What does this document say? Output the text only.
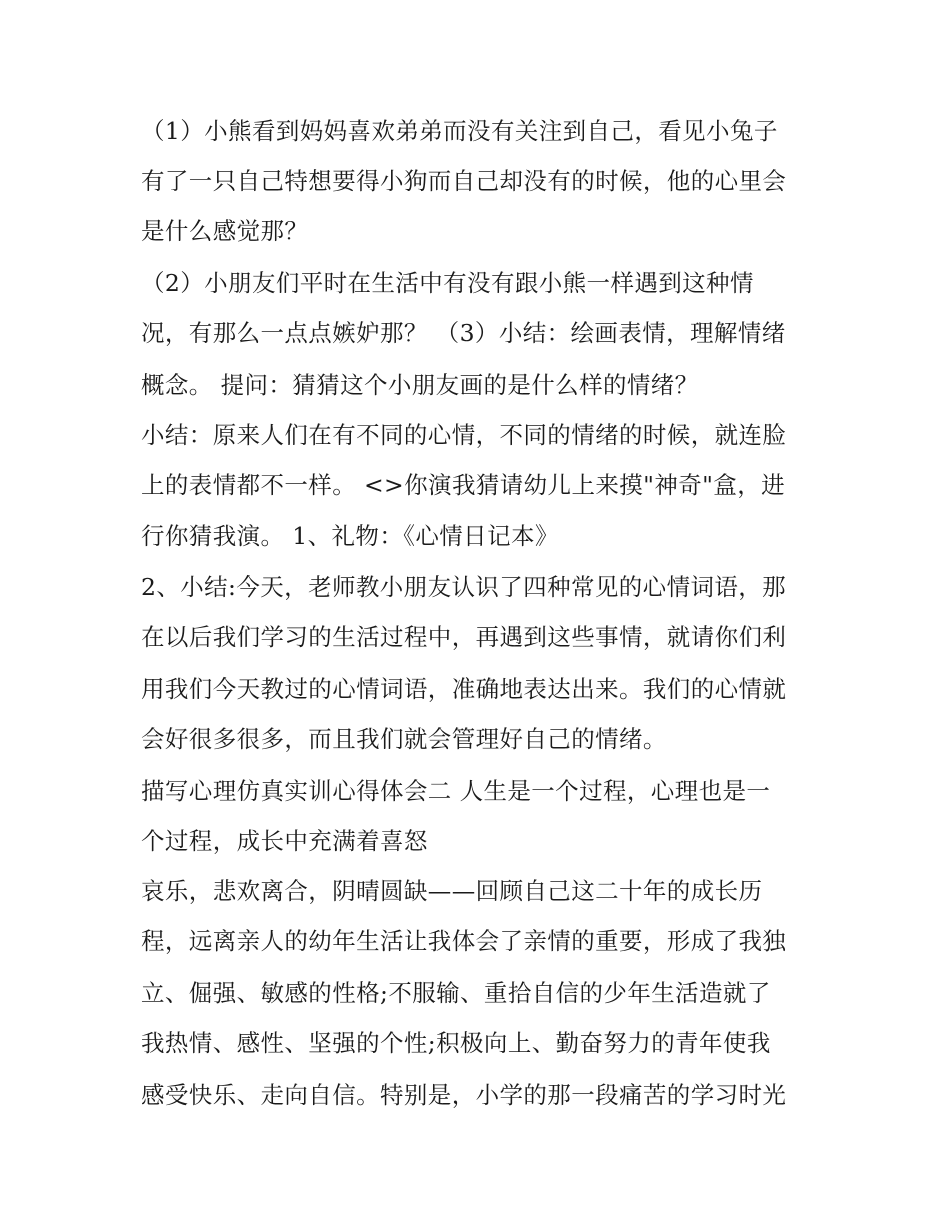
（1）小熊看到妈妈喜欢弟弟而没有关注到自己，看见小兔子
有了一只自己特想要得小狗而自己却没有的时候，他的心里会
是什么感觉那？
（2）小朋友们平时在生活中有没有跟小熊一样遇到这种情
况，有那么一点点嫉妒那？ （3）小结：绘画表情，理解情绪
概念。 提问：猜猜这个小朋友画的是什么样的情绪？
小结：原来人们在有不同的心情，不同的情绪的时候，就连脸
上的表情都不一样。 <>你演我猜请幼儿上来摸"神奇"盒，进
行你猜我演。 1、礼物：《心情日记本》
2、小结:今天，老师教小朋友认识了四种常见的心情词语，那
在以后我们学习的生活过程中，再遇到这些事情，就请你们利
用我们今天教过的心情词语，准确地表达出来。我们的心情就
会好很多很多，而且我们就会管理好自己的情绪。
描写心理仿真实训心得体会二 人生是一个过程，心理也是一
个过程，成长中充满着喜怒
哀乐，悲欢离合，阴晴圆缺——回顾自己这二十年的成长历
程，远离亲人的幼年生活让我体会了亲情的重要，形成了我独
立、倔强、敏感的性格;不服输、重拾自信的少年生活造就了
我热情、感性、坚强的个性;积极向上、勤奋努力的青年使我
感受快乐、走向自信。特别是，小学的那一段痛苦的学习时光
